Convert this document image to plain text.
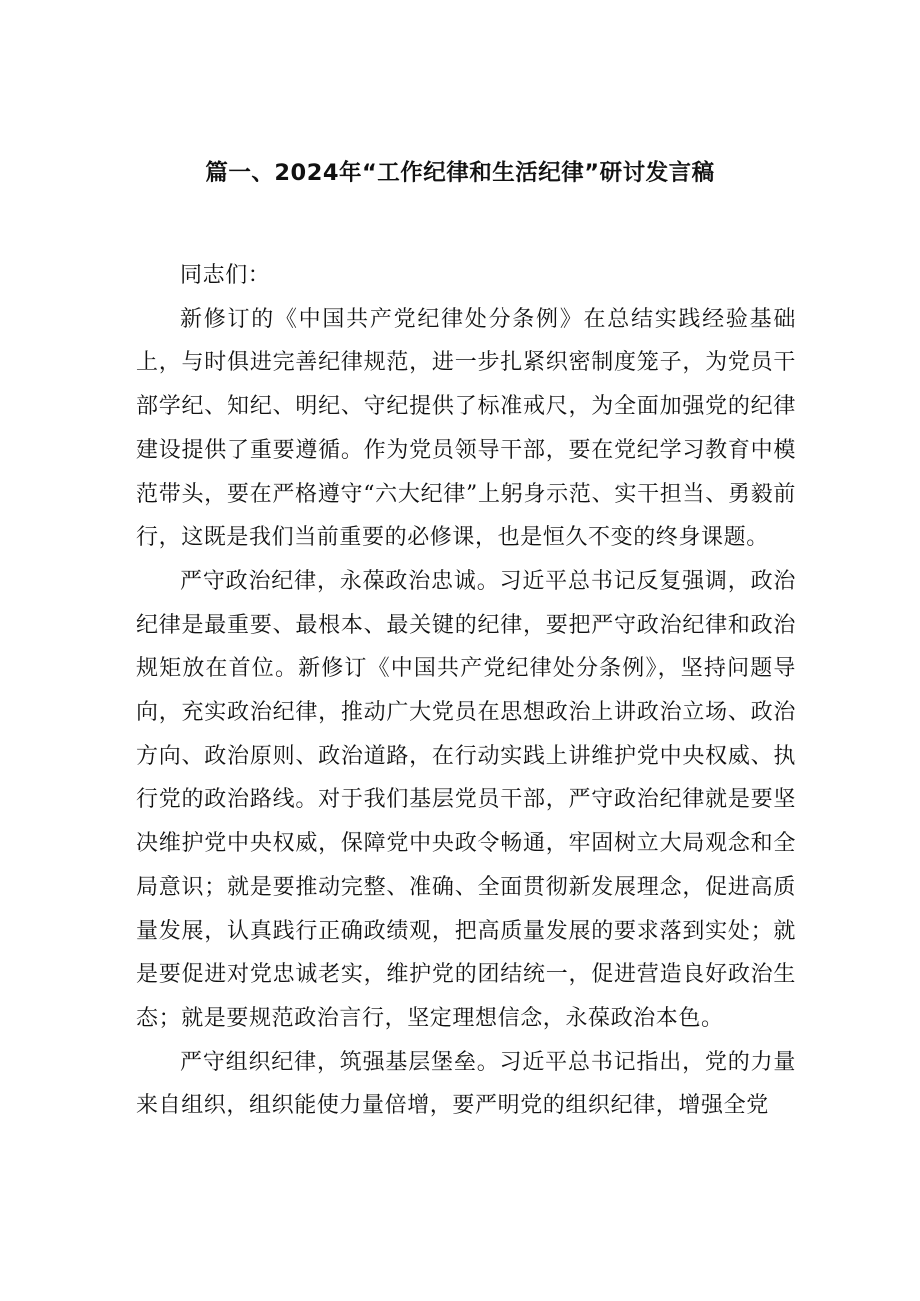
篇一、2024年“工作纪律和生活纪律”研讨发言稿

同志们：

新修订的《中国共产党纪律处分条例》在总结实践经验基础上，与时俱进完善纪律规范，进一步扎紧织密制度笼子，为党员干部学纪、知纪、明纪、守纪提供了标准戒尺，为全面加强党的纪律建设提供了重要遵循。作为党员领导干部，要在党纪学习教育中模范带头，要在严格遵守“六大纪律”上躬身示范、实干担当、勇毅前行，这既是我们当前重要的必修课，也是恒久不变的终身课题。

严守政治纪律，永葆政治忠诚。习近平总书记反复强调，政治纪律是最重要、最根本、最关键的纪律，要把严守政治纪律和政治规矩放在首位。新修订《中国共产党纪律处分条例》，坚持问题导向，充实政治纪律，推动广大党员在思想政治上讲政治立场、政治方向、政治原则、政治道路，在行动实践上讲维护党中央权威、执行党的政治路线。对于我们基层党员干部，严守政治纪律就是要坚决维护党中央权威，保障党中央政令畅通，牢固树立大局观念和全局意识；就是要推动完整、准确、全面贯彻新发展理念，促进高质量发展，认真践行正确政绩观，把高质量发展的要求落到实处；就是要促进对党忠诚老实，维护党的团结统一，促进营造良好政治生态；就是要规范政治言行，坚定理想信念，永葆政治本色。

严守组织纪律，筑强基层堡垒。习近平总书记指出，党的力量来自组织，组织能使力量倍增，要严明党的组织纪律，增强全党
